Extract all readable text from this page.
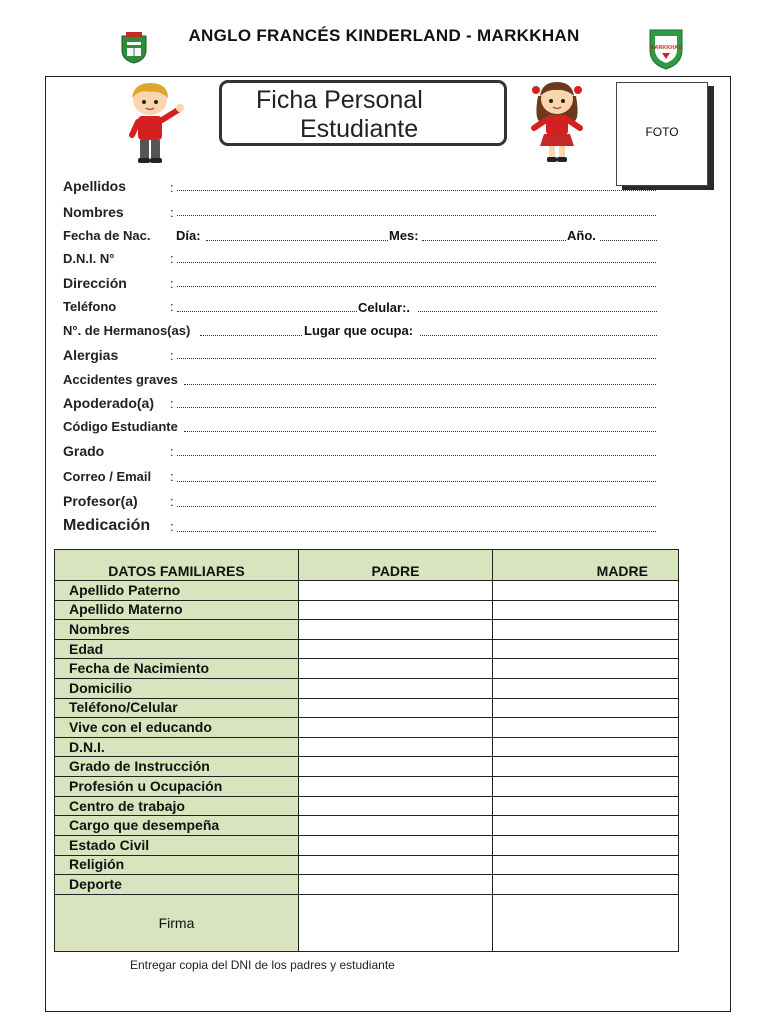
ANGLO FRANCÉS KINDERLAND - MARKKHAN
MARKKHAN
Ficha Personal
Estudiante	FOTO
Apellidos	:
Nombres	:
Fecha de Nac. Día:	Mes:	Año.
D.N.I. N°	:
Dirección	:
Teléfono	:	Celular:.
N°. de Hermanos(as)	Lugar que ocupa:
Alergias	:
Accidentes graves
Apoderado(a) :
Código Estudiante
Grado	:
Correo / Email :
Profesor(a) :
Medicación :
DATOS FAMILIARES	PADRE	MADRE
Apellido Paterno		
Apellido Materno		
Nombres		
Edad		
Fecha de Nacimiento		
Domicilio		
Teléfono/Celular		
Vive con el educando		
D.N.I.		
Grado de Instrucción		
Profesión u Ocupación		
Centro de trabajo		
Cargo que desempeña		
Estado Civil		
Religión		
Deporte		
Firma		
Entregar copia del DNI de los padres y estudiante
